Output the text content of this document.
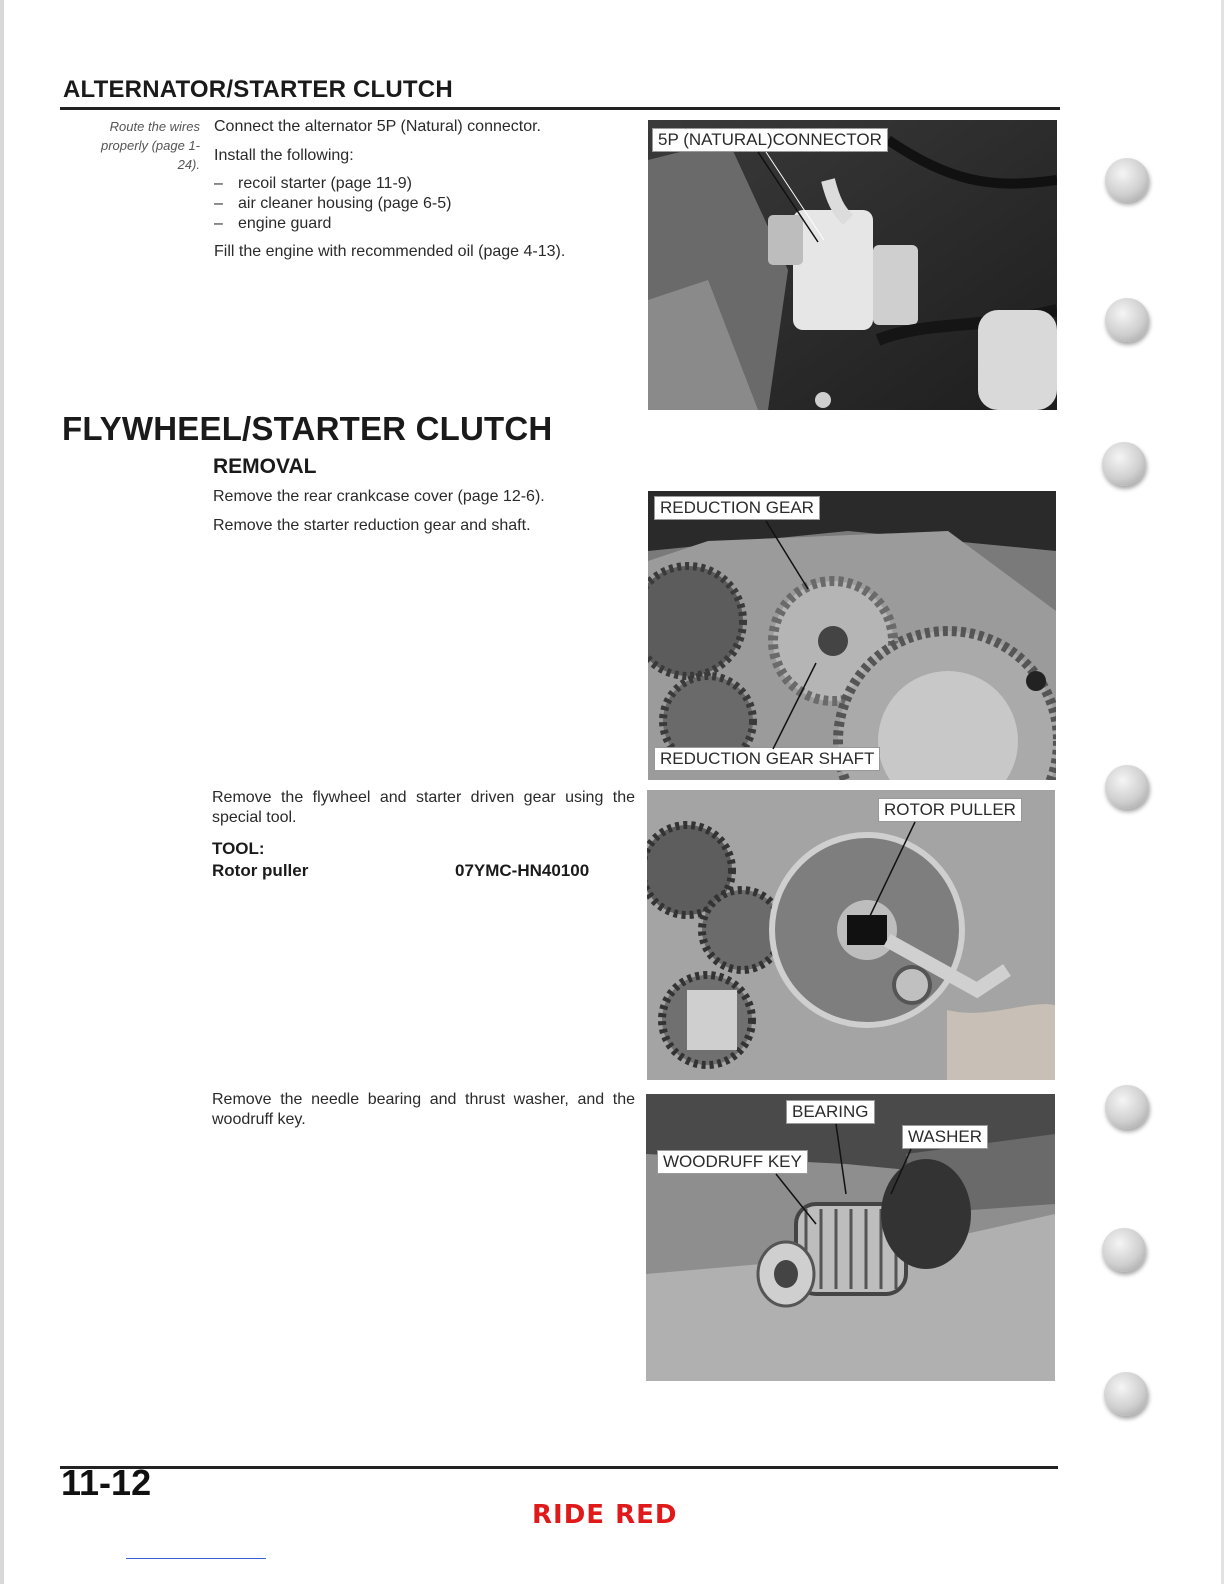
ALTERNATOR/STARTER CLUTCH
Route the wires properly (page 1-24).
Connect the alternator 5P (Natural) connector.
Install the following:
– recoil starter (page 11-9)
– air cleaner housing (page 6-5)
– engine guard
Fill the engine with recommended oil (page 4-13).
5P (NATURAL)CONNECTOR
FLYWHEEL/STARTER CLUTCH
REMOVAL
Remove the rear crankcase cover (page 12-6).
Remove the starter reduction gear and shaft.
REDUCTION GEAR
REDUCTION GEAR SHAFT
Remove the flywheel and starter driven gear using the special tool.
TOOL:
Rotor puller	07YMC-HN40100
ROTOR PULLER
Remove the needle bearing and thrust washer, and the woodruff key.	BEARING
WASHER
WOODRUFF KEY
11-12
RIDE RED
